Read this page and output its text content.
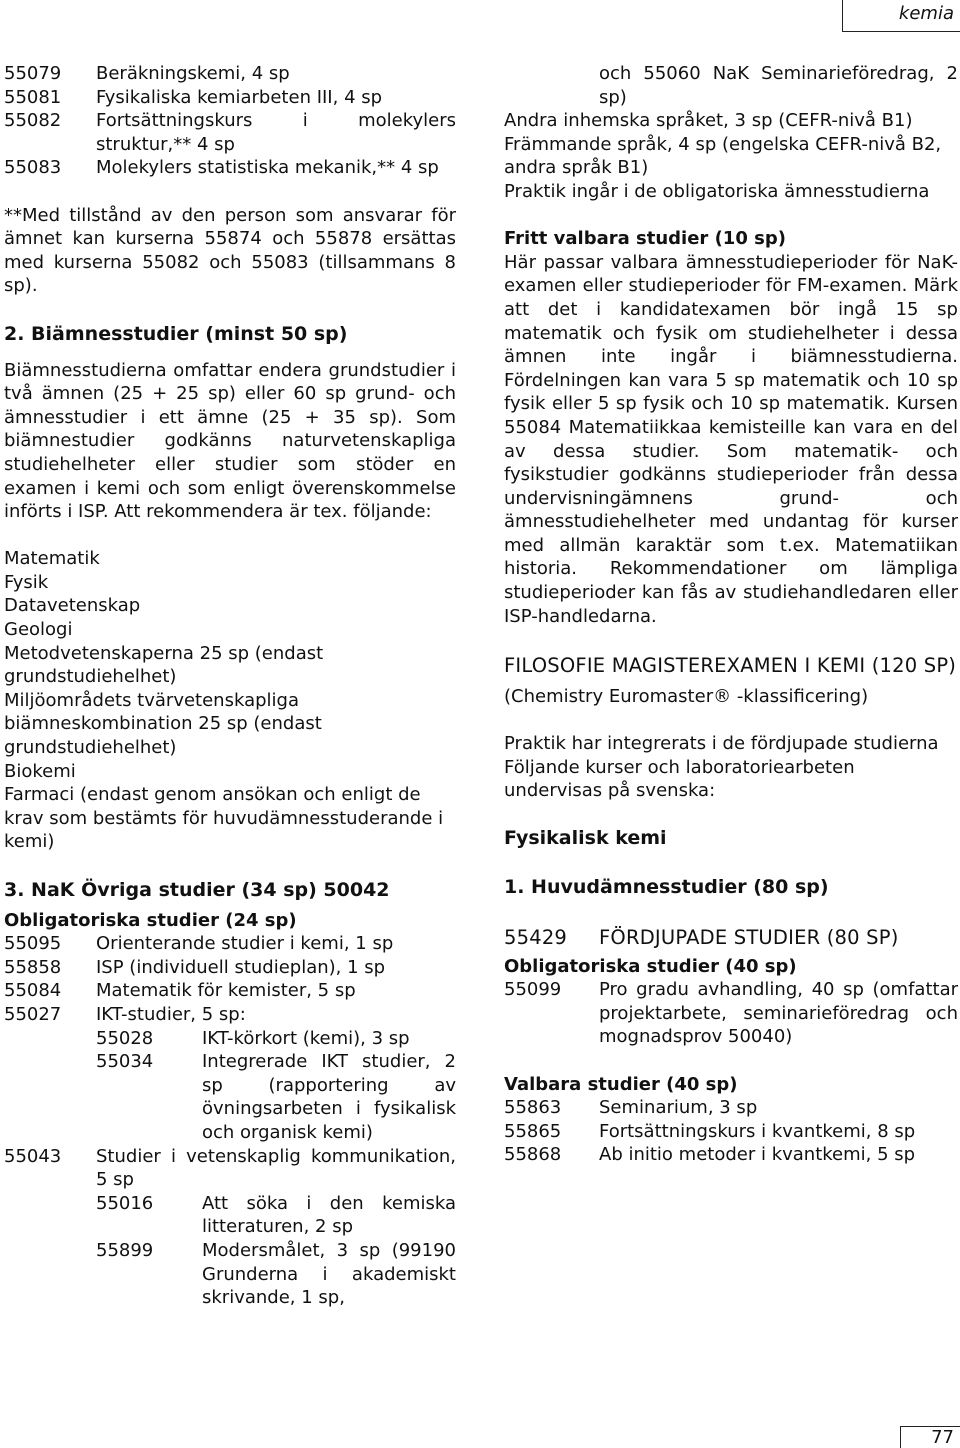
kemia
55079	Beräkningskemi, 4 sp
55081	Fysikaliska kemiarbeten III, 4 sp
55082	Fortsättningskurs i molekylers struktur,** 4 sp
55083	Molekylers statistiska mekanik,** 4 sp

**Med tillstånd av den person som ansvarar för ämnet kan kurserna 55874 och 55878 ersättas med kurserna 55082 och 55083 (tillsammans 8 sp).

2. Biämnesstudier (minst 50 sp)

Biämnesstudierna omfattar endera grundstudier i två ämnen (25 + 25 sp) eller 60 sp grund- och ämnesstudier i ett ämne (25 + 35 sp). Som biämnestudier godkänns naturvetenskapliga studiehelheter eller studier som stöder en examen i kemi och som enligt överenskommelse införts i ISP. Att rekommendera är tex. följande:

Matematik

Fysik

Datavetenskap

Geologi

Metodvetenskaperna 25 sp (endast grundstudiehelhet)

Miljöområdets tvärvetenskapliga biämneskombination 25 sp (endast grundstudiehelhet)

Biokemi

Farmaci (endast genom ansökan och enligt de krav som bestämts för huvudämnesstuderande i kemi)

3. NaK Övriga studier (34 sp) 50042
Obligatoriska studier (24 sp)
55095	Orienterande studier i kemi, 1 sp
55858	ISP (individuell studieplan), 1 sp
55084	Matematik för kemister, 5 sp
55027	IKT-studier, 5 sp:
55028	IKT-körkort (kemi), 3 sp
55034	Integrerade IKT studier, 2 sp (rapportering av övningsarbeten i fysikalisk och organisk kemi)
55043	Studier i vetenskaplig kommunikation, 5 sp
55016	Att söka i den kemiska litteraturen, 2 sp
55899	Modersmålet, 3 sp (99190 Grunderna i akademiskt skrivande, 1 sp,

och 55060 NaK Seminarieföredrag, 2 sp)

Andra inhemska språket, 3 sp (CEFR-nivå B1)

Främmande språk, 4 sp (engelska CEFR-nivå B2, andra språk B1)

Praktik ingår i de obligatoriska ämnesstudierna

Fritt valbara studier (10 sp)

Här passar valbara ämnesstudieperioder för NaK-examen eller studieperioder för FM-examen. Märk att det i kandidatexamen bör ingå 15 sp matematik och fysik om studiehelheter i dessa ämnen inte ingår i biämnesstudierna. Fördelningen kan vara 5 sp matematik och 10 sp fysik eller 5 sp fysik och 10 sp matematik. Kursen 55084 Matematiikkaa kemisteille kan vara en del av dessa studier. Som matematik- och fysikstudier godkänns studieperioder från dessa undervisningämnens grund- och ämnesstudiehelheter med undantag för kurser med allmän karaktär som t.ex. Matematiikan historia. Rekommendationer om lämpliga studieperioder kan fås av studiehandledaren eller ISP-handledarna.

FILOSOFIE MAGISTEREXAMEN I KEMI (120 SP)

(Chemistry Euromaster® -klassificering)

Praktik har integrerats i de fördjupade studierna

Följande kurser och laboratoriearbeten undervisas på svenska:

Fysikalisk kemi
1. Huvudämnesstudier (80 sp)
55429	FÖRDJUPADE STUDIER (80 SP)
Obligatoriska studier (40 sp)
55099	Pro gradu avhandling, 40 sp (omfattar projektarbete, seminarieföredrag och mognadsprov 50040)
Valbara studier (40 sp)
55863	Seminarium, 3 sp
55865	Fortsättningskurs i kvantkemi, 8 sp
55868	Ab initio metoder i kvantkemi, 5 sp
77
